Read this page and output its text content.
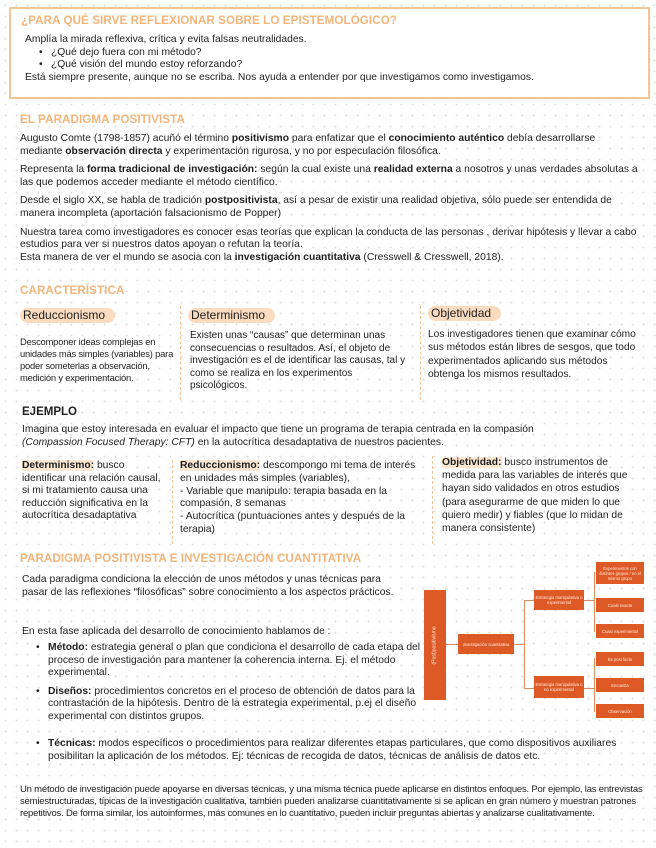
¿PARA QUÉ SIRVE REFLEXIONAR SOBRE LO EPISTEMOLÓGICO?
Amplía la mirada reflexiva, crítica y evita falsas neutralidades.
• ¿Qué dejo fuera con mi método?
• ¿Qué visión del mundo estoy reforzando?
Está siempre presente, aunque no se escriba. Nos ayuda a entender por que investigamos como investigamos.
EL PARADIGMA POSITIVISTA
Augusto Comte (1798-1857) acuñó el término positivismo para enfatizar que el conocimiento auténtico debía desarrollarse mediante observación directa y experimentación rigurosa, y no por especulación filosófica.
Representa la forma tradicional de investigación: según la cual existe una realidad externa a nosotros y unas verdades absolutas a las que podemos acceder mediante el método científico.
Desde el siglo XX, se habla de tradición postpositivista, así a pesar de existir una realidad objetiva, sólo puede ser entendida de manera incompleta (aportación falsacionismo de Popper)
Nuestra tarea como investigadores es conocer esas teorías que explican la conducta de las personas , derivar hipótesis y llevar a cabo estudios para ver si nuestros datos apoyan o refutan la teoría.
Esta manera de ver el mundo se asocia con la investigación cuantitativa (Cresswell & Cresswell, 2018).
CARACTERÍSTICA
Reduccionismo
Descomponer ideas complejas en unidades más simples (variables) para poder someterlas a observación, medición y experimentación.
Determinismo
Existen unas “causas” que determinan unas consecuencias o resultados. Así, el objeto de investigación es el de identificar las causas, tal y como se realiza en los experimentos psicológicos.
Objetividad
Los investigadores tienen que examinar cómo sus métodos están libres de sesgos, que todo experimentados aplicando sus métodos obtenga los mismos resultados.
EJEMPLO
Imagina que estoy interesada en evaluar el impacto que tiene un programa de terapia centrada en la compasión
(Compassion Focused Therapy: CFT) en la autocrítica desadaptativa de nuestros pacientes.
Determinismo: busco identificar una relación causal, si mi tratamiento causa una reducción significativa en la autocrítica desadaptativa
Reduccionismo: descompongo mi tema de interés en unidades más simples (variables),
- Variable que manipulo: terapia basada en la compasión, 8 semanas
- Autocrítica (puntuaciones antes y después de la terapia)
Objetividad: busco instrumentos de medida para las variables de interés que hayan sido validados en otros estudios (para asegurarme de que miden lo que quiero medir) y fiables (que lo midan de manera consistente)
PARADIGMA POSITIVISTA E INVESTIGACIÓN CUANTITATIVA
Cada paradigma condiciona la elección de unos métodos y unas técnicas para pasar de las reflexiones “filosóficas” sobre conocimiento a los aspectos prácticos.
En esta fase aplicada del desarrollo de conocimiento hablamos de :
• Método: estrategia general o plan que condiciona el desarrollo de cada etapa del proceso de investigación para mantener la coherencia interna. Ej. el método experimental.
• Diseños: procedimientos concretos en el proceso de obtención de datos para la contrastación de la hipótesis. Dentro de la estrategia experimental, p.ej el diseño experimental con distintos grupos.
• Técnicas: modos específicos o procedimientos para realizar diferentes etapas particulares, que como dispositivos auxiliares posibilitan la aplicación de los métodos. Ej: técnicas de recogida de datos, técnicas de análisis de datos etc.
Un método de investigación puede apoyarse en diversas técnicas, y una misma técnica puede aplicarse en distintos enfoques. Por ejemplo, las entrevistas semiestructuradas, típicas de la investigación cualitativa, también pueden analizarse cuantitativamente si se aplican en gran número y muestran patrones repetitivos. De forma similar, los autoinformes, más comunes en lo cuantitativo, pueden incluir preguntas abiertas y analizarse cualitativamente.
(Post)positivismo	Investigación cuantitativa
Estrategia manipulativa o experimental
Estrategia manipulativa o no experimental
Experimentos con distintos grupos / en el mismo grupo
Cuasi exacta
Cuasi experimental
Ex post facto
Encuesta
Observación
